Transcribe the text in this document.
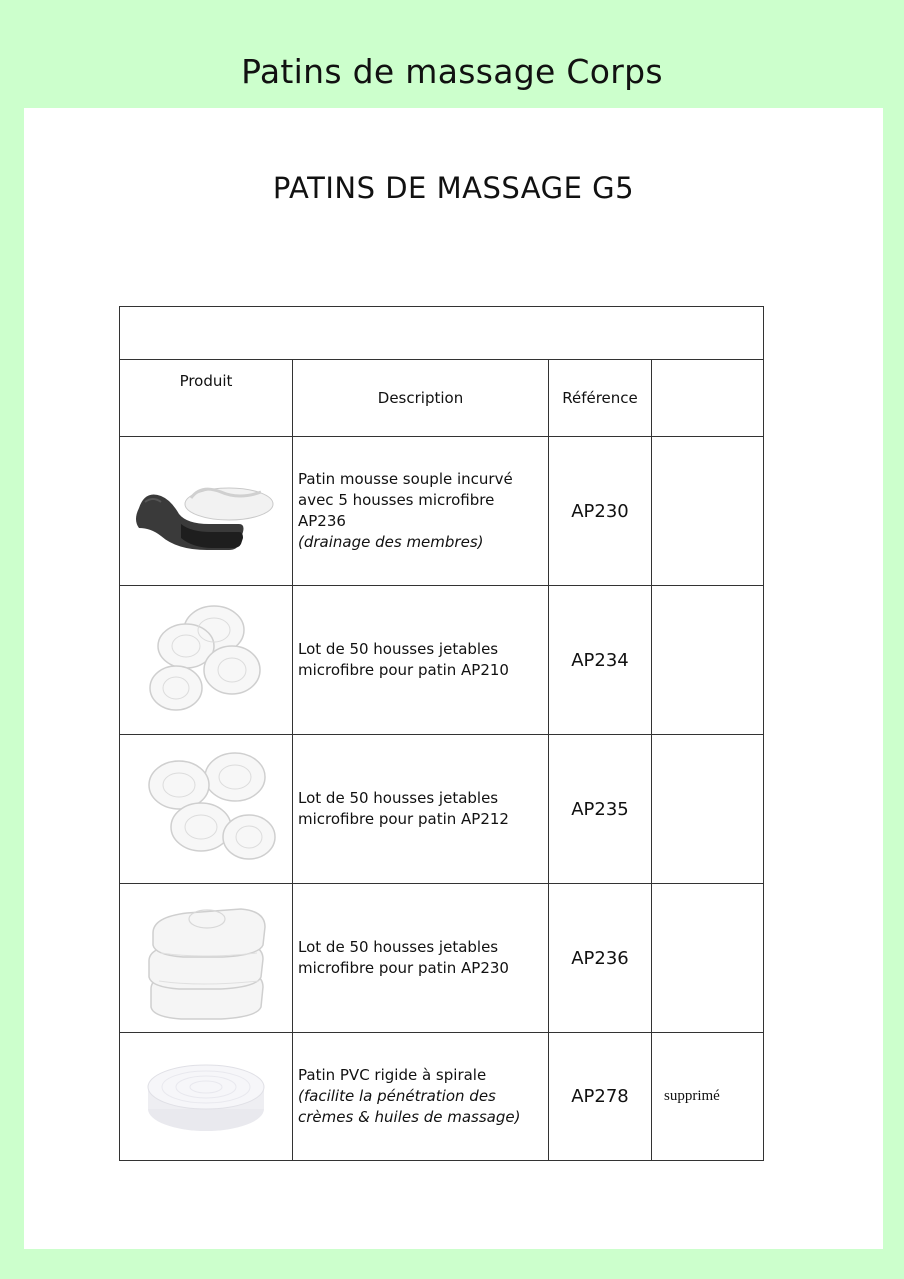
Patins de massage Corps
PATINS DE MASSAGE G5

Produit	Description	Référence	

Patin mousse souple incurvé avec 5 housses microfibre AP236
(drainage des membres)	AP230	

Lot de 50 housses jetables microfibre pour patin AP210	AP234	

Lot de 50 housses jetables microfibre pour patin AP212	AP235	

Lot de 50 housses jetables microfibre pour patin AP230	AP236	

Patin PVC rigide à spirale
(facilite la pénétration des crèmes & huiles de massage)	AP278	supprimé
